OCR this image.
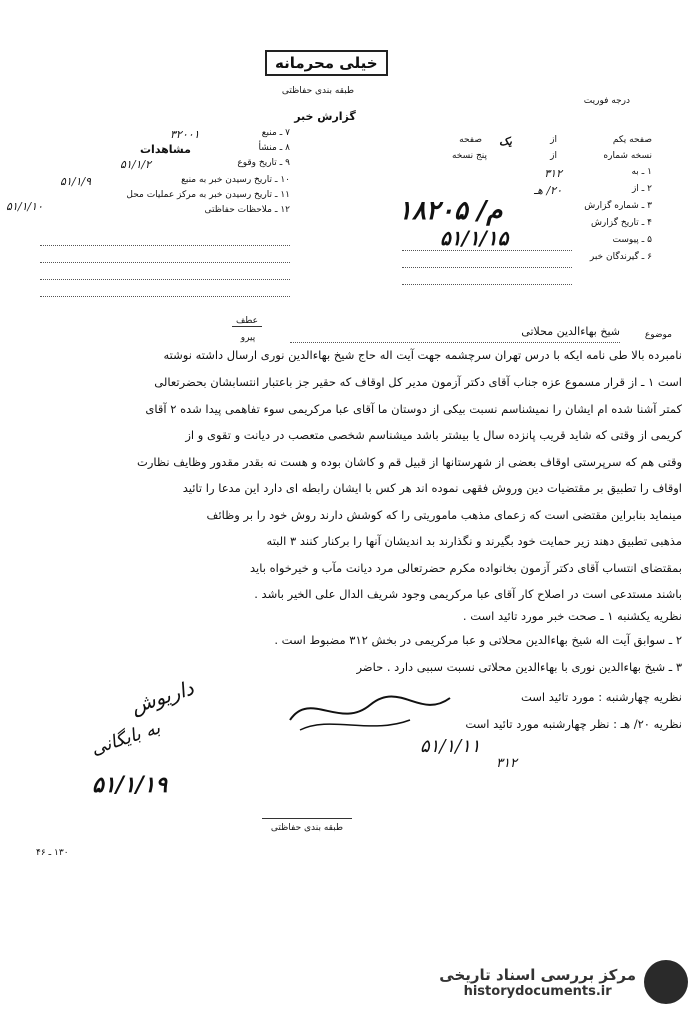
خیلی محرمانه
طبقه بندی حفاظتی
گزارش خبر
درجه فوریت
صفحه یکم
از
یک
صفحه
نسخه شماره
از
پنج نسخه
۱ ـ به
۳۱۲
۲ ـ از
۲۰/ هـ
۳ ـ شماره گزارش
۴ ـ تاریخ گزارش
۵ ـ پیوست
۶ ـ گیرندگان خبر
۱۸۲۰۵ /م
۵۱/۱/۱۵
۷ ـ منبع
۳۲۰۰۱
۸ ـ منشأ
مشاهدات
۹ ـ تاریخ وقوع
۵۱/۱/۲
۱۰ ـ تاریخ رسیدن خبر به منبع
۵۱/۱/۹
۱۱ ـ تاریخ رسیدن خبر به مرکز عملیات محل
۱۲ ـ ملاحظات حفاظتی
۵۱/۱/۱۰
عطف
پیرو	موضوع
شیخ بهاءالدین محلاتی
نامبرده بالا طی نامه ایکه با درس تهران سرچشمه جهت آیت اله حاج شیخ بهاءالدین نوری ارسال داشته نوشته
است ۱ ـ از قرار مسموع عزه جناب آقای دکتر آزمون مدیر کل اوقاف که حقیر جز باعتبار انتسابشان بحضرتعالی
کمتر آشنا شده ام ایشان را نمیشناسم نسبت بیکی از دوستان ما آقای عبا مرکریمی سوء تفاهمی پیدا شده ۲ آقای
کریمی از وقتی که شاید قریب پانزده سال یا بیشتر باشد میشناسم شخصی متعصب در دیانت و تقوی و از
وقتی هم که سرپرستی اوقاف بعضی از شهرستانها از قبیل قم و کاشان بوده و هست نه بقدر مقدور وظایف نظارت
اوقاف را تطبیق بر مقتضیات دین وروش فقهی نموده اند هر کس با ایشان رابطه ای دارد این مدعا را تائید
مینماید بنابراین مقتضی است که زعمای مذهب ماموریتی را که کوشش دارند روش خود را بر وظائف
مذهبی تطبیق دهند زیر حمایت خود بگیرند و نگذارند بد اندیشان آنها را برکنار کنند ۳ البته
بمقتضای انتساب آقای دکتر آزمون بخانواده مکرم حضرتعالی مرد دیانت مآب و خیرخواه باید
باشند مستدعی است در اصلاح کار آقای عبا مرکریمی وجود شریف الدال علی الخیر باشد .
نظریه یکشنبه ۱ ـ صحت خبر مورد تائید است .
۲ ـ سوابق آیت اله شیخ بهاءالدین محلاتی و عبا مرکریمی در بخش ۳۱۲ مضبوط است .
۳ ـ شیخ بهاءالدین نوری با بهاءالدین محلاتی نسبت سببی دارد . حاضر
نظریه چهارشنبه : مورد تائید است
نظریه ۲۰/ هـ : نظر چهارشنبه مورد تائید است
داریوش
به بایگانی
۵۱/۱/۱۹
۵۱/۱/۱۱
۳۱۲
طبقه بندی حفاظتی
۱۳۰ ـ ۴۶
مرکز بررسی اسناد تاریخی
historydocuments.ir
